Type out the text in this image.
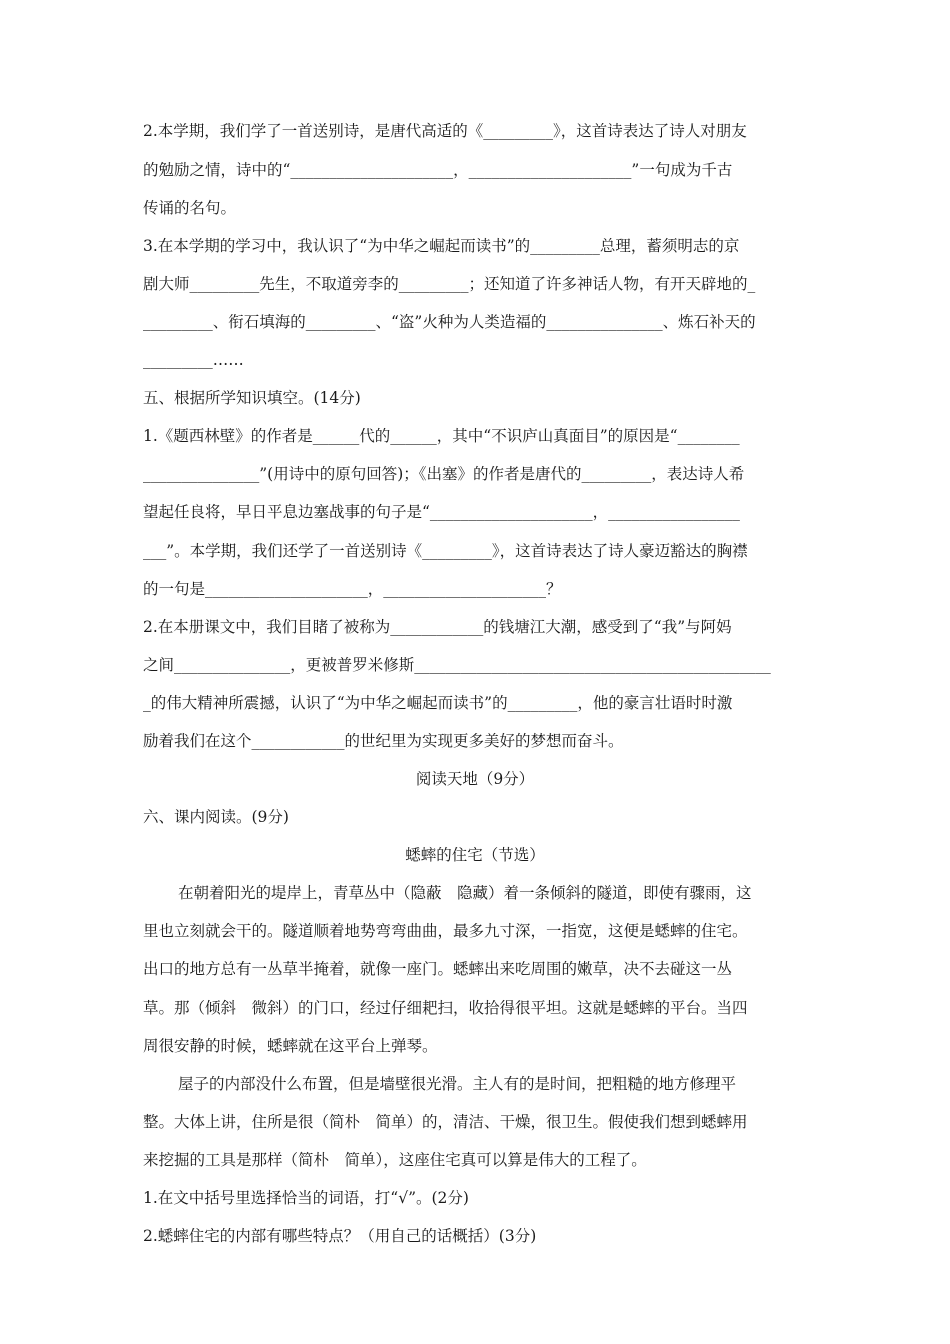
2.本学期，我们学了一首送别诗，是唐代高适的《_________》，这首诗表达了诗人对朋友
的勉励之情，诗中的“_____________________，_____________________”一句成为千古
传诵的名句。
3.在本学期的学习中，我认识了“为中华之崛起而读书”的_________总理，蓄须明志的京
剧大师_________先生，不取道旁李的_________；还知道了许多神话人物，有开天辟地的_
_________、衔石填海的_________、“盗”火种为人类造福的_______________、炼石补天的
_________……
五、根据所学知识填空。(14分)
1.《题西林壁》的作者是______代的______，其中“不识庐山真面目”的原因是“________
_______________”(用诗中的原句回答)；《出塞》的作者是唐代的_________，表达诗人希
望起任良将，早日平息边塞战事的句子是“_____________________，_________________
___”。本学期，我们还学了一首送别诗《_________》，这首诗表达了诗人豪迈豁达的胸襟
的一句是_____________________，_____________________？
2.在本册课文中，我们目睹了被称为____________的钱塘江大潮，感受到了“我”与阿妈
之间_______________，更被普罗米修斯______________________________________________
_的伟大精神所震撼，认识了“为中华之崛起而读书”的_________，他的豪言壮语时时激
励着我们在这个____________的世纪里为实现更多美好的梦想而奋斗。
阅读天地（9分）
六、课内阅读。(9分)
蟋蟀的住宅（节选）
在朝着阳光的堤岸上，青草丛中（隐蔽　隐藏）着一条倾斜的隧道，即使有骤雨，这
里也立刻就会干的。隧道顺着地势弯弯曲曲，最多九寸深，一指宽，这便是蟋蟀的住宅。
出口的地方总有一丛草半掩着，就像一座门。蟋蟀出来吃周围的嫩草，决不去碰这一丛
草。那（倾斜　微斜）的门口，经过仔细耙扫，收拾得很平坦。这就是蟋蟀的平台。当四
周很安静的时候，蟋蟀就在这平台上弹琴。
屋子的内部没什么布置，但是墙壁很光滑。主人有的是时间，把粗糙的地方修理平
整。大体上讲，住所是很（简朴　简单）的，清洁、干燥，很卫生。假使我们想到蟋蟀用
来挖掘的工具是那样（简朴　简单），这座住宅真可以算是伟大的工程了。
1.在文中括号里选择恰当的词语，打“√”。(2分)
2.蟋蟀住宅的内部有哪些特点？（用自己的话概括）(3分)
